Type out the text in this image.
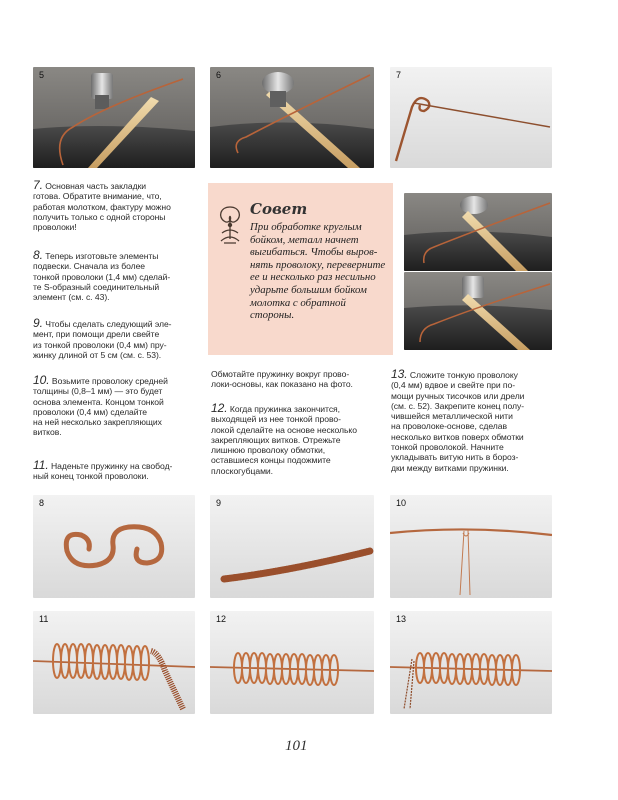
5	6	7
Совет
При обработке круглым
бойком, металл начнет
выгибаться. Чтобы выров-
нять проволоку, переверните
ее и несколько раз несильно
ударьте большим бойком
молотка с обратной
стороны.
7. Основная часть закладки
готова. Обратите внимание, что,
работая молотком, фактуру можно
получить только с одной стороны
проволоки!
8. Теперь изготовьте элементы
подвески. Сначала из более
тонкой проволоки (1,4 мм) сделай-
те S-образный соединительный
элемент (см. с. 43).
9. Чтобы сделать следующий эле-
мент, при помощи дрели свейте
из тонкой проволоки (0,4 мм) пру-
жинку длиной от 5 см (см. с. 53).
10. Возьмите проволоку средней
толщины (0,8–1 мм) — это будет
основа элемента. Концом тонкой
проволоки (0,4 мм) сделайте
на ней несколько закрепляющих
витков.
11. Наденьте пружинку на свобод-
ный конец тонкой проволоки.
Обмотайте пружинку вокруг прово-
локи-основы, как показано на фото.
12. Когда пружинка закончится,
выходящей из нее тонкой прово-
локой сделайте на основе несколько
закрепляющих витков. Отрежьте
лишнюю проволоку обмотки,
оставшиеся концы подожмите
плоскогубцами.
13. Сложите тонкую проволоку
(0,4 мм) вдвое и свейте при по-
мощи ручных тисочков или дрели
(см. с. 52). Закрепите конец полу-
чившейся металлической нити
на проволоке-основе, сделав
несколько витков поверх обмотки
тонкой проволокой. Начните
укладывать витую нить в бороз-
дки между витками пружинки.
8	9	10
11	12	13
101
